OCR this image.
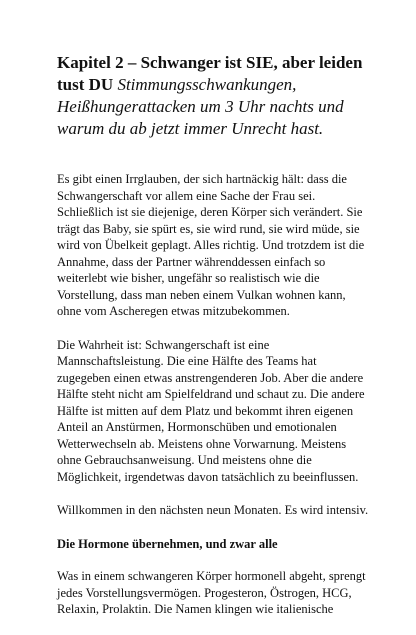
Kapitel 2 – Schwanger ist SIE, aber leiden tust DU Stimmungsschwankungen, Heißhungerattacken um 3 Uhr nachts und warum du ab jetzt immer Unrecht hast.

Es gibt einen Irrglauben, der sich hartnäckig hält: dass die Schwangerschaft vor allem eine Sache der Frau sei. Schließlich ist sie diejenige, deren Körper sich verändert. Sie trägt das Baby, sie spürt es, sie wird rund, sie wird müde, sie wird von Übelkeit geplagt. Alles richtig. Und trotzdem ist die Annahme, dass der Partner währenddessen einfach so weiterlebt wie bisher, ungefähr so realistisch wie die Vorstellung, dass man neben einem Vulkan wohnen kann, ohne vom Ascheregen etwas mitzubekommen.

Die Wahrheit ist: Schwangerschaft ist eine Mannschaftsleistung. Die eine Hälfte des Teams hat zugegeben einen etwas anstrengenderen Job. Aber die andere Hälfte steht nicht am Spielfeldrand und schaut zu. Die andere Hälfte ist mitten auf dem Platz und bekommt ihren eigenen Anteil an Anstürmen, Hormonschüben und emotionalen Wetterwechseln ab. Meistens ohne Vorwarnung. Meistens ohne Gebrauchsanweisung. Und meistens ohne die Möglichkeit, irgendetwas davon tatsächlich zu beeinflussen.

Willkommen in den nächsten neun Monaten. Es wird intensiv.

Die Hormone übernehmen, und zwar alle

Was in einem schwangeren Körper hormonell abgeht, sprengt jedes Vorstellungsvermögen. Progesteron, Östrogen, HCG, Relaxin, Prolaktin. Die Namen klingen wie italienische
